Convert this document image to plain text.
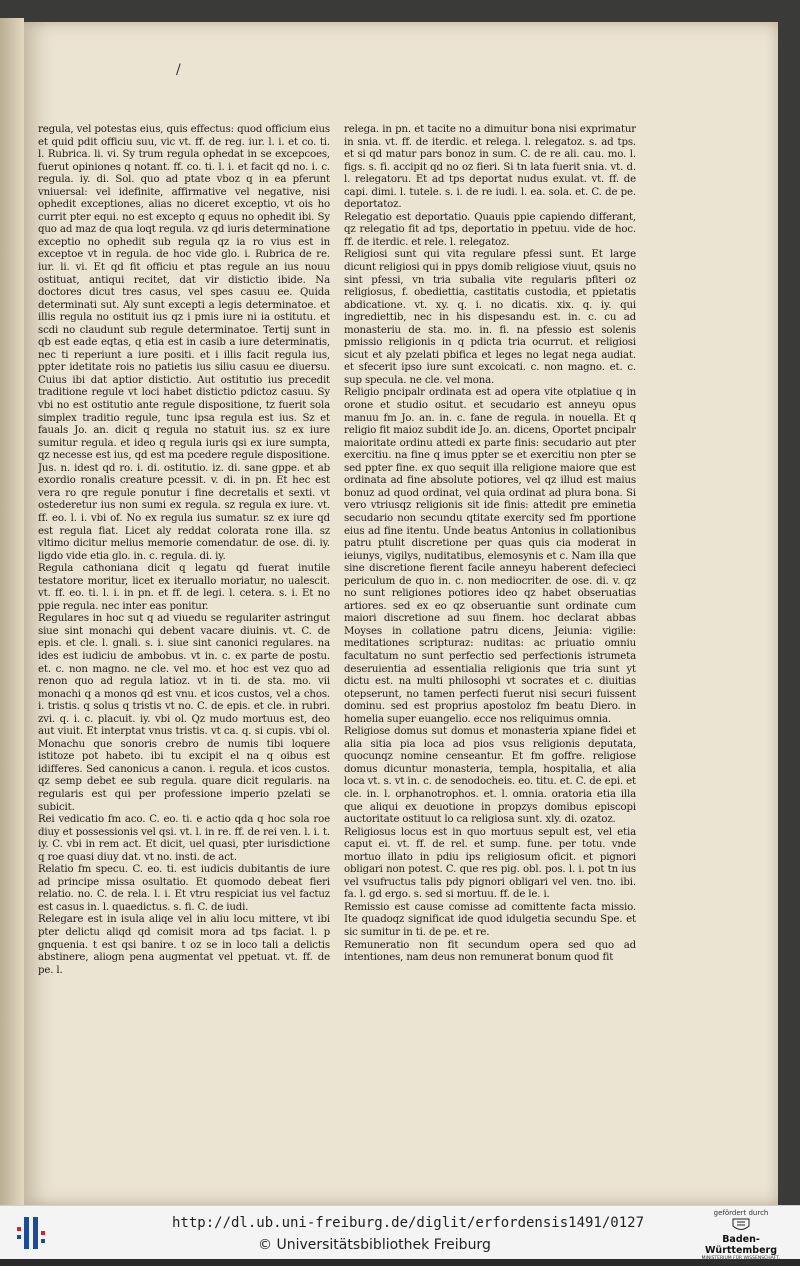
/

regula, vel potestas eius, quis effectus: quod officium eius et quid pdit officiu suu, vic vt. ff. de reg. iur. l. i. et co. ti. l. Rubrica. li. vi. Sy trum regula ophedat in se excepcoes, fuerut opiniones q notant. ff. co. ti. l. i. et facit qd no. i. c. regula. iy. di. Sol. quo ad ptate vboz q in ea pferunt vniuersal: vel idefinite, affirmative vel negative, nisi ophedit exceptiones, alias no diceret exceptio, vt ois ho currit pter equi. no est excepto q equus no ophedit ibi. Sy quo ad maz de qua loqt regula. vz qd iuris determinatione exceptio no ophedit sub regula qz ia ro vius est in exceptoe vt in regula. de hoc vide glo. i. Rubrica de re. iur. li. vi. Et qd fit officiu et ptas regule an ius nouu ostituat, antiqui recitet, dat vir distictio ibide. Na doctores dicut tres casus, vel spes casuu ee. Quida determinati sut. Aly sunt excepti a legis determinatoe. et illis regula no ostituit ius qz i pmis iure ni ia ostitutu. et scdi no claudunt sub regule determinatoe. Tertij sunt in qb est eade eqtas, q etia est in casib a iure determinatis, nec ti reperiunt a iure positi. et i illis facit regula ius, ppter idetitate rois no patietis ius siliu casuu ee diuersu. Cuius ibi dat aptior distictio. Aut ostitutio ius precedit traditione regule vt loci habet distictio pdictoz casuu. Sy vbi no est ostitutio ante regule dispositione, tz fuerit sola simplex traditio regule, tunc ipsa regula est ius. Sz et fauals Jo. an. dicit q regula no statuit ius. sz ex iure sumitur regula. et ideo q regula iuris qsi ex iure sumpta, qz necesse est ius, qd est ma pcedere regule dispositione. Jus. n. idest qd ro. i. di. ostitutio. iz. di. sane gppe. et ab exordio ronalis creature pcessit. v. di. in pn. Et hec est vera ro qre regule ponutur i fine decretalis et sexti. vt ostederetur ius non sumi ex regula. sz regula ex iure. vt. ff. eo. l. i. vbi of. No ex regula ius sumatur. sz ex iure qd est regula fiat. Licet aly reddat colorata rone illa. sz vltimo dicitur melius memorie comendatur. de ose. di. iy. ligdo vide etia glo. in. c. regula. di. iy.

Regula cathoniana dicit q legatu qd fuerat inutile testatore moritur, licet ex iteruallo moriatur, no ualescit. vt. ff. eo. ti. l. i. in pn. et ff. de legi. l. cetera. s. i. Et no ppie regula. nec inter eas ponitur.

Regulares in hoc sut q ad viuedu se regulariter astringut siue sint monachi qui debent vacare diuinis. vt. C. de epis. et cle. l. gnali. s. i. siue sint canonici regulares. na ides est iudiciu de ambobus. vt in. c. ex parte de postu. et. c. non magno. ne cle. vel mo. et hoc est vez quo ad renon quo ad regula latioz. vt in ti. de sta. mo. vii monachi q a monos qd est vnu. et icos custos, vel a chos. i. tristis. q solus q tristis vt no. C. de epis. et cle. in rubri. zvi. q. i. c. placuit. iy. vbi ol. Qz mudo mortuus est, deo aut viuit. Et interptat vnus tristis. vt ca. q. si cupis. vbi ol. Monachu que sonoris crebro de numis tibi loquere istitoze pot habeto. ibi tu excipit el na q oibus est idifferes. Sed canonicus a canon. i. regula. et icos custos. qz semp debet ee sub regula. quare dicit regularis. na regularis est qui per professione imperio pzelati se subicit.

Rei vedicatio fm aco. C. eo. ti. e actio qda q hoc sola roe diuy et possessionis vel qsi. vt. l. in re. ff. de rei ven. l. i. t. iy. C. vbi in rem act. Et dicit, uel quasi, pter iurisdictione q roe quasi diuy dat. vt no. insti. de act.

Relatio fm specu. C. eo. ti. est iudicis dubitantis de iure ad principe missa osultatio. Et quomodo debeat fieri relatio. no. C. de rela. l. i. Et vtru respiciat ius vel factuz est casus in. l. quaedictus. s. fi. C. de iudi.

Relegare est in isula aliqe vel in aliu locu mittere, vt ibi pter delictu aliqd qd comisit mora ad tps faciat. l. p gnquenia. t est qsi banire. t oz se in loco tali a delictis abstinere, aliogn pena augmentat vel ppetuat. vt. ff. de pe. l.

relega. in pn. et tacite no a dimuitur bona nisi exprimatur in snia. vt. ff. de iterdic. et relega. l. relegatoz. s. ad tps. et si qd matur pars bonoz in sum. C. de re ali. cau. mo. l. figs. s. fi. accipit qd no oz fieri. Si tn lata fuerit snia. vt. d. l. relegatoru. Et ad tps deportat nudus exulat. vt. ff. de capi. dimi. l. tutele. s. i. de re iudi. l. ea. sola. et. C. de pe. deportatoz.

Relegatio est deportatio. Quauis ppie capiendo differant, qz relegatio fit ad tps, deportatio in ppetuu. vide de hoc. ff. de iterdic. et rele. l. relegatoz.

Religiosi sunt qui vita regulare pfessi sunt. Et large dicunt religiosi qui in ppys domib religiose viuut, qsuis no sint pfessi, vn tria subalia vite regularis pfiteri oz religiosus, f. obediettia, castitatis custodia, et ppietatis abdicatione. vt. xy. q. i. no dicatis. xix. q. iy. qui ingrediettib, nec in his dispesandu est. in. c. cu ad monasteriu de sta. mo. in. fi. na pfessio est solenis pmissio religionis in q pdicta tria ocurrut. et religiosi sicut et aly pzelati pbifica et leges no legat nega audiat. et sfecerit ipso iure sunt excoicati. c. non magno. et. c. sup specula. ne cle. vel mona.

Religio pncipalr ordinata est ad opera vite otplatiue q in orone et studio ositut. et secudario est anneyu opus manuu fm Jo. an. in. c. fane de regula. in nouella. Et q religio fit maioz subdit ide Jo. an. dicens, Oportet pncipalr maioritate ordinu attedi ex parte finis: secudario aut pter exercitiu. na fine q imus ppter se et exercitiu non pter se sed ppter fine. ex quo sequit illa religione maiore que est ordinata ad fine absolute potiores, vel qz illud est maius bonuz ad quod ordinat, vel quia ordinat ad plura bona. Si vero vtriusqz religionis sit ide finis: attedit pre eminetia secudario non secundu qtitate exercity sed fm pportione eius ad fine itentu. Unde beatus Antonius in collationibus patru ptulit discretione per quas quis cia moderat in ieiunys, vigilys, nuditatibus, elemosynis et c. Nam illa que sine discretione fierent facile anneyu haberent defecieci periculum de quo in. c. non mediocriter. de ose. di. v. qz no sunt religiones potiores ideo qz habet obseruatias artiores. sed ex eo qz obseruantie sunt ordinate cum maiori discretione ad suu finem. hoc declarat abbas Moyses in collatione patru dicens, Jeiunia: vigilie: meditationes scripturaz: nuditas: ac priuatio omniu facultatum no sunt perfectio sed perfectionis istrumeta deseruientia ad essentialia religionis que tria sunt yt dictu est. na multi philosophi vt socrates et c. diuitias otepserunt, no tamen perfecti fuerut nisi securi fuissent dominu. sed est proprius apostoloz fm beatu Diero. in homelia super euangelio. ecce nos reliquimus omnia.

Religiose domus sut domus et monasteria xpiane fidei et alia sitia pia loca ad pios vsus religionis deputata, quocunqz nomine censeantur. Et fm goffre. religiose domus dicuntur monasteria, templa, hospitalia, et alia loca vt. s. vt in. c. de senodocheis. eo. titu. et. C. de epi. et cle. in. l. orphanotrophos. et. l. omnia. oratoria etia illa que aliqui ex deuotione in propzys domibus episcopi auctoritate ostituut lo ca religiosa sunt. xly. di. ozatoz.

Religiosus locus est in quo mortuus sepult est, vel etia caput ei. vt. ff. de rel. et sump. fune. per totu. vnde mortuo illato in pdiu ips religiosum oficit. et pignori obligari non potest. C. que res pig. obl. pos. l. i. pot tn ius vel vsufructus talis pdy pignori obligari vel ven. tno. ibi. fa. l. gd ergo. s. sed si mortuu. ff. de le. i.

Remissio est cause comisse ad comittente facta missio. Ite quadoqz significat ide quod idulgetia secundu Spe. et sic sumitur in ti. de pe. et re.

Remuneratio non fit secundum opera sed quo ad intentiones, nam deus non remunerat bonum quod fit

http://dl.ub.uni-freiburg.de/diglit/erfordensis1491/0127
© Universitätsbibliothek Freiburg
gefördert durch
Baden-Württemberg
MINISTERIUM FÜR WISSENSCHAFT, FORSCHUNG UND KUNST
